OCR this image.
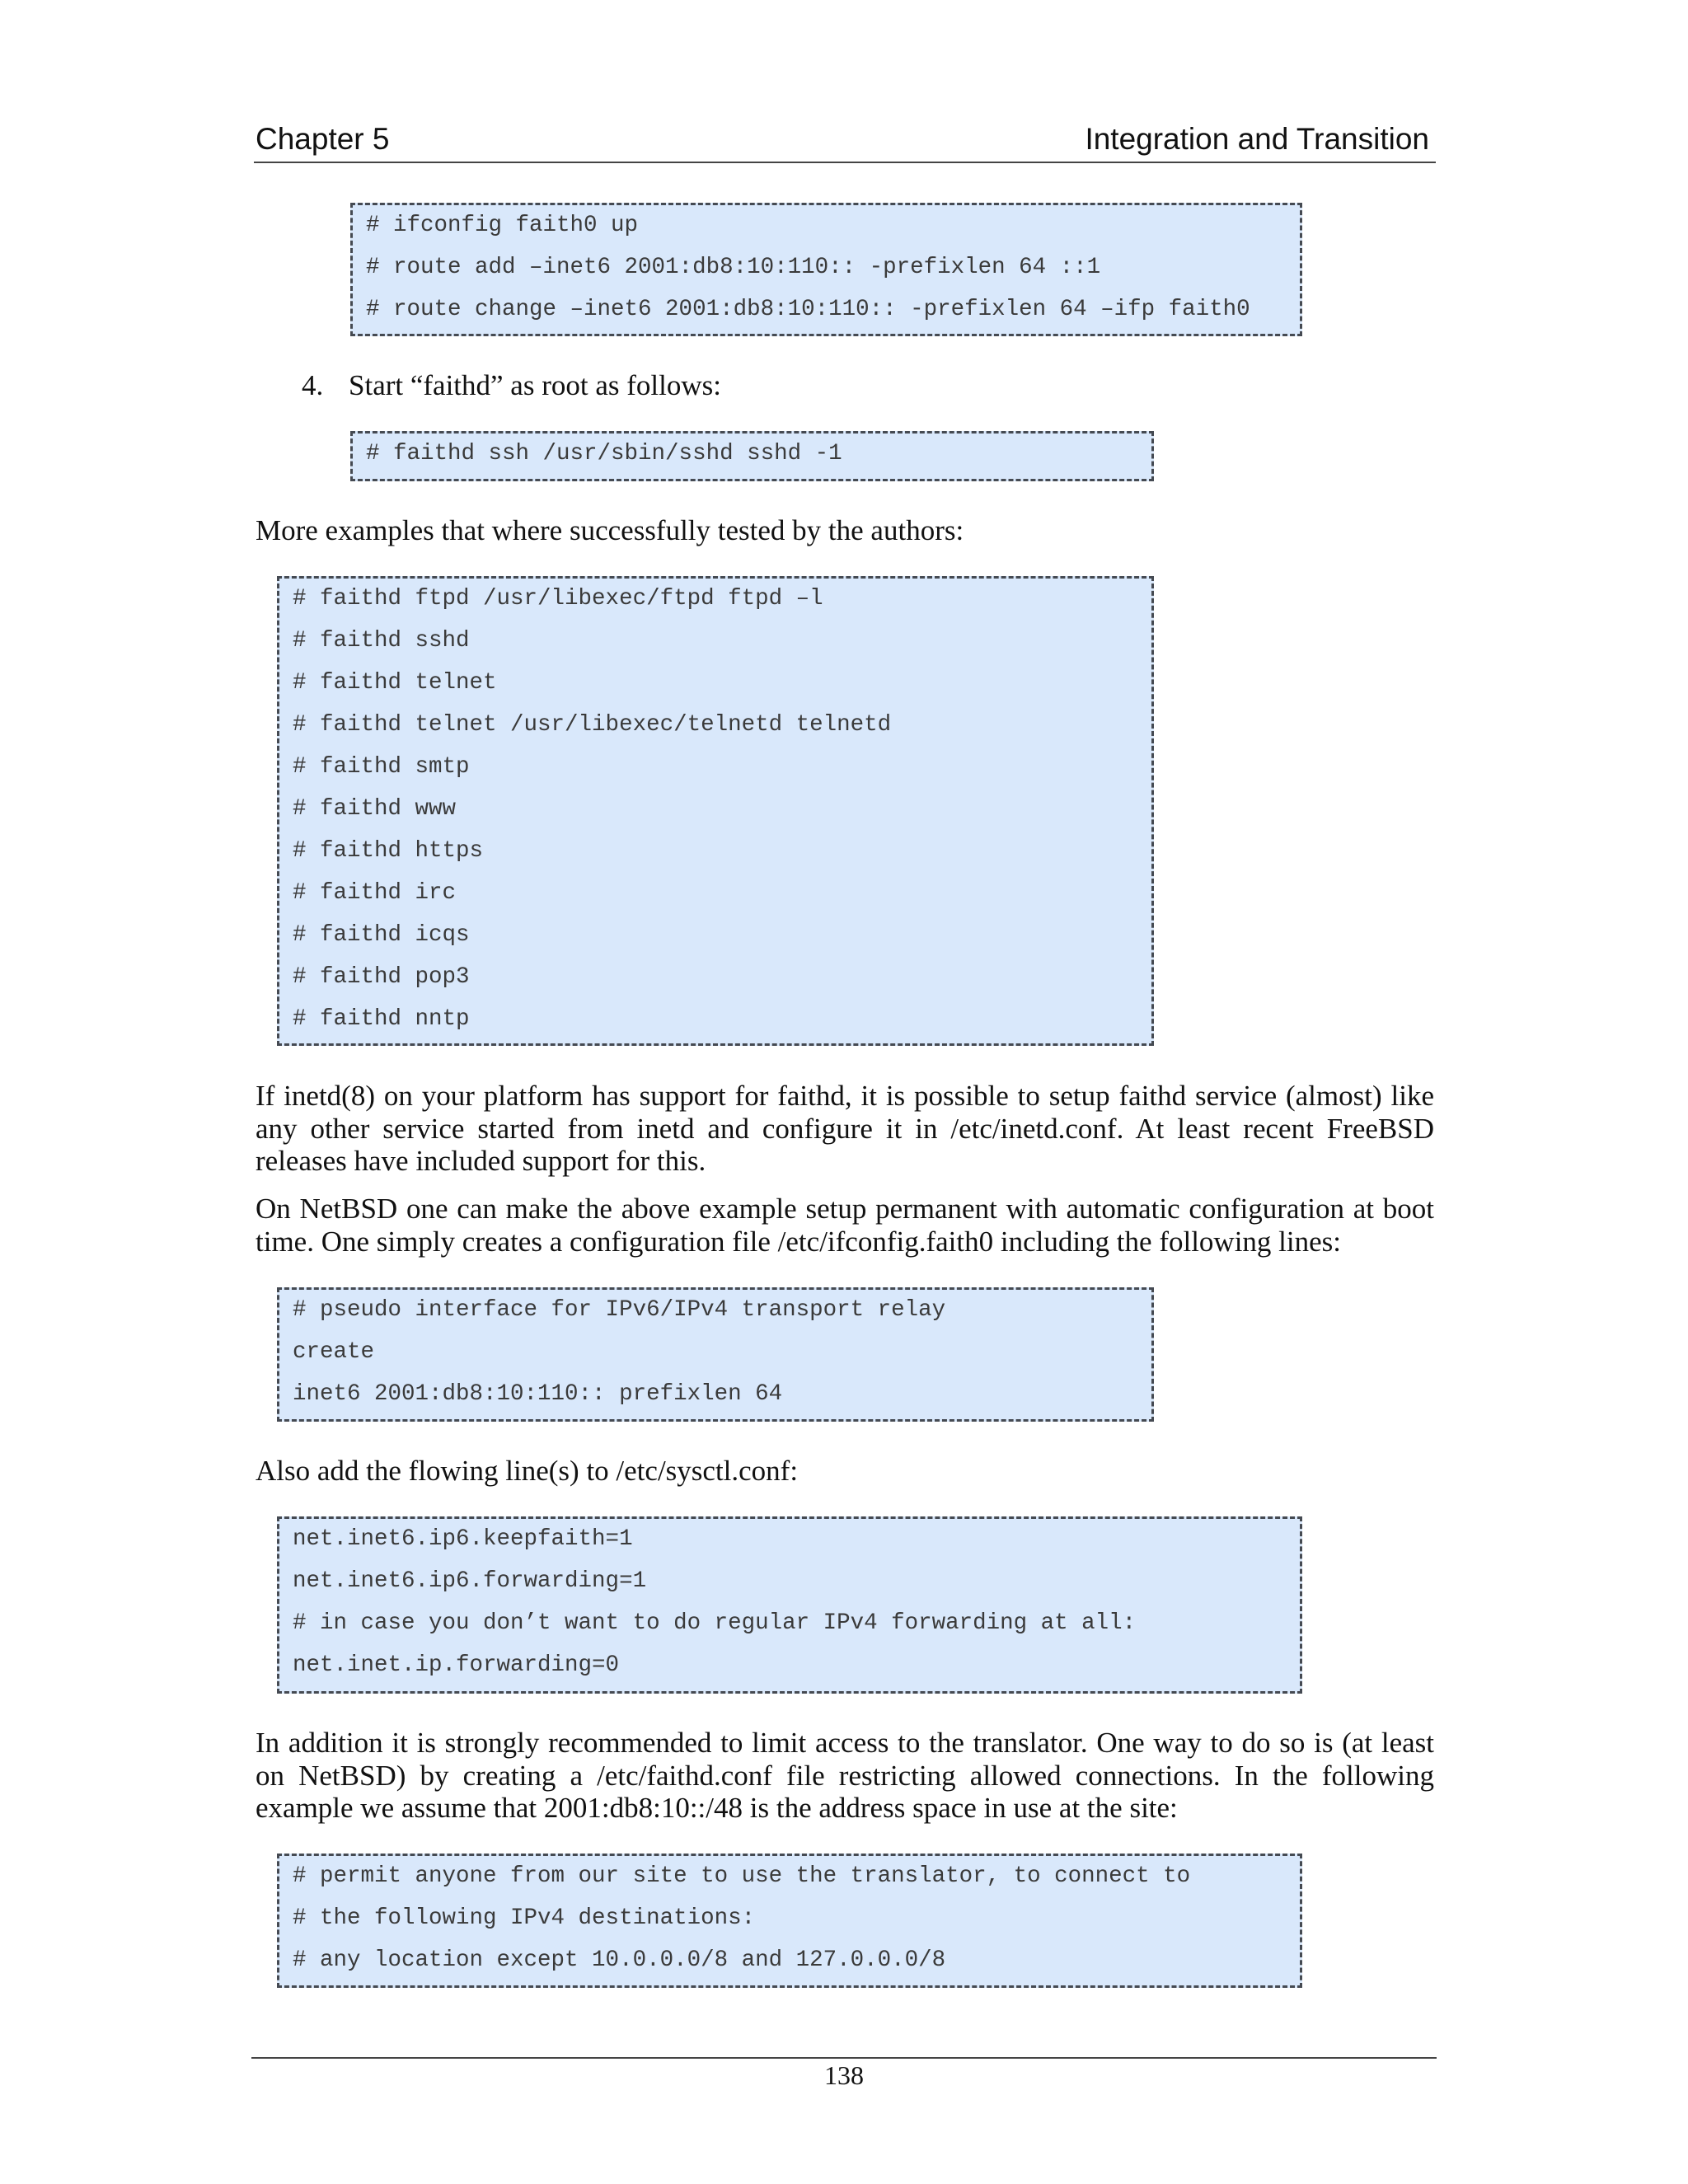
Chapter 5	Integration and Transition
# ifconfig faith0 up
# route add –inet6 2001:db8:10:110:: -prefixlen 64 ::1
# route change –inet6 2001:db8:10:110:: -prefixlen 64 –ifp faith0
4. Start “faithd” as root as follows:
# faithd ssh /usr/sbin/sshd sshd -1
More examples that where successfully tested by the authors:
# faithd ftpd /usr/libexec/ftpd ftpd –l
# faithd sshd
# faithd telnet
# faithd telnet /usr/libexec/telnetd telnetd
# faithd smtp
# faithd www
# faithd https
# faithd irc
# faithd icqs
# faithd pop3
# faithd nntp
If inetd(8) on your platform has support for faithd, it is possible to setup faithd service (almost) like any other service started from inetd and configure it in /etc/inetd.conf. At least recent FreeBSD releases have included support for this.
On NetBSD one can make the above example setup permanent with automatic configuration at boot time. One simply creates a configuration file /etc/ifconfig.faith0 including the following lines:
# pseudo interface for IPv6/IPv4 transport relay
create
inet6 2001:db8:10:110:: prefixlen 64
Also add the flowing line(s) to /etc/sysctl.conf:
net.inet6.ip6.keepfaith=1
net.inet6.ip6.forwarding=1
# in case you don’t want to do regular IPv4 forwarding at all:
net.inet.ip.forwarding=0
In addition it is strongly recommended to limit access to the translator. One way to do so is (at least on NetBSD) by creating a /etc/faithd.conf file restricting allowed connections. In the following example we assume that 2001:db8:10::/48 is the address space in use at the site:
# permit anyone from our site to use the translator, to connect to
# the following IPv4 destinations:
# any location except 10.0.0.0/8 and 127.0.0.0/8
138
